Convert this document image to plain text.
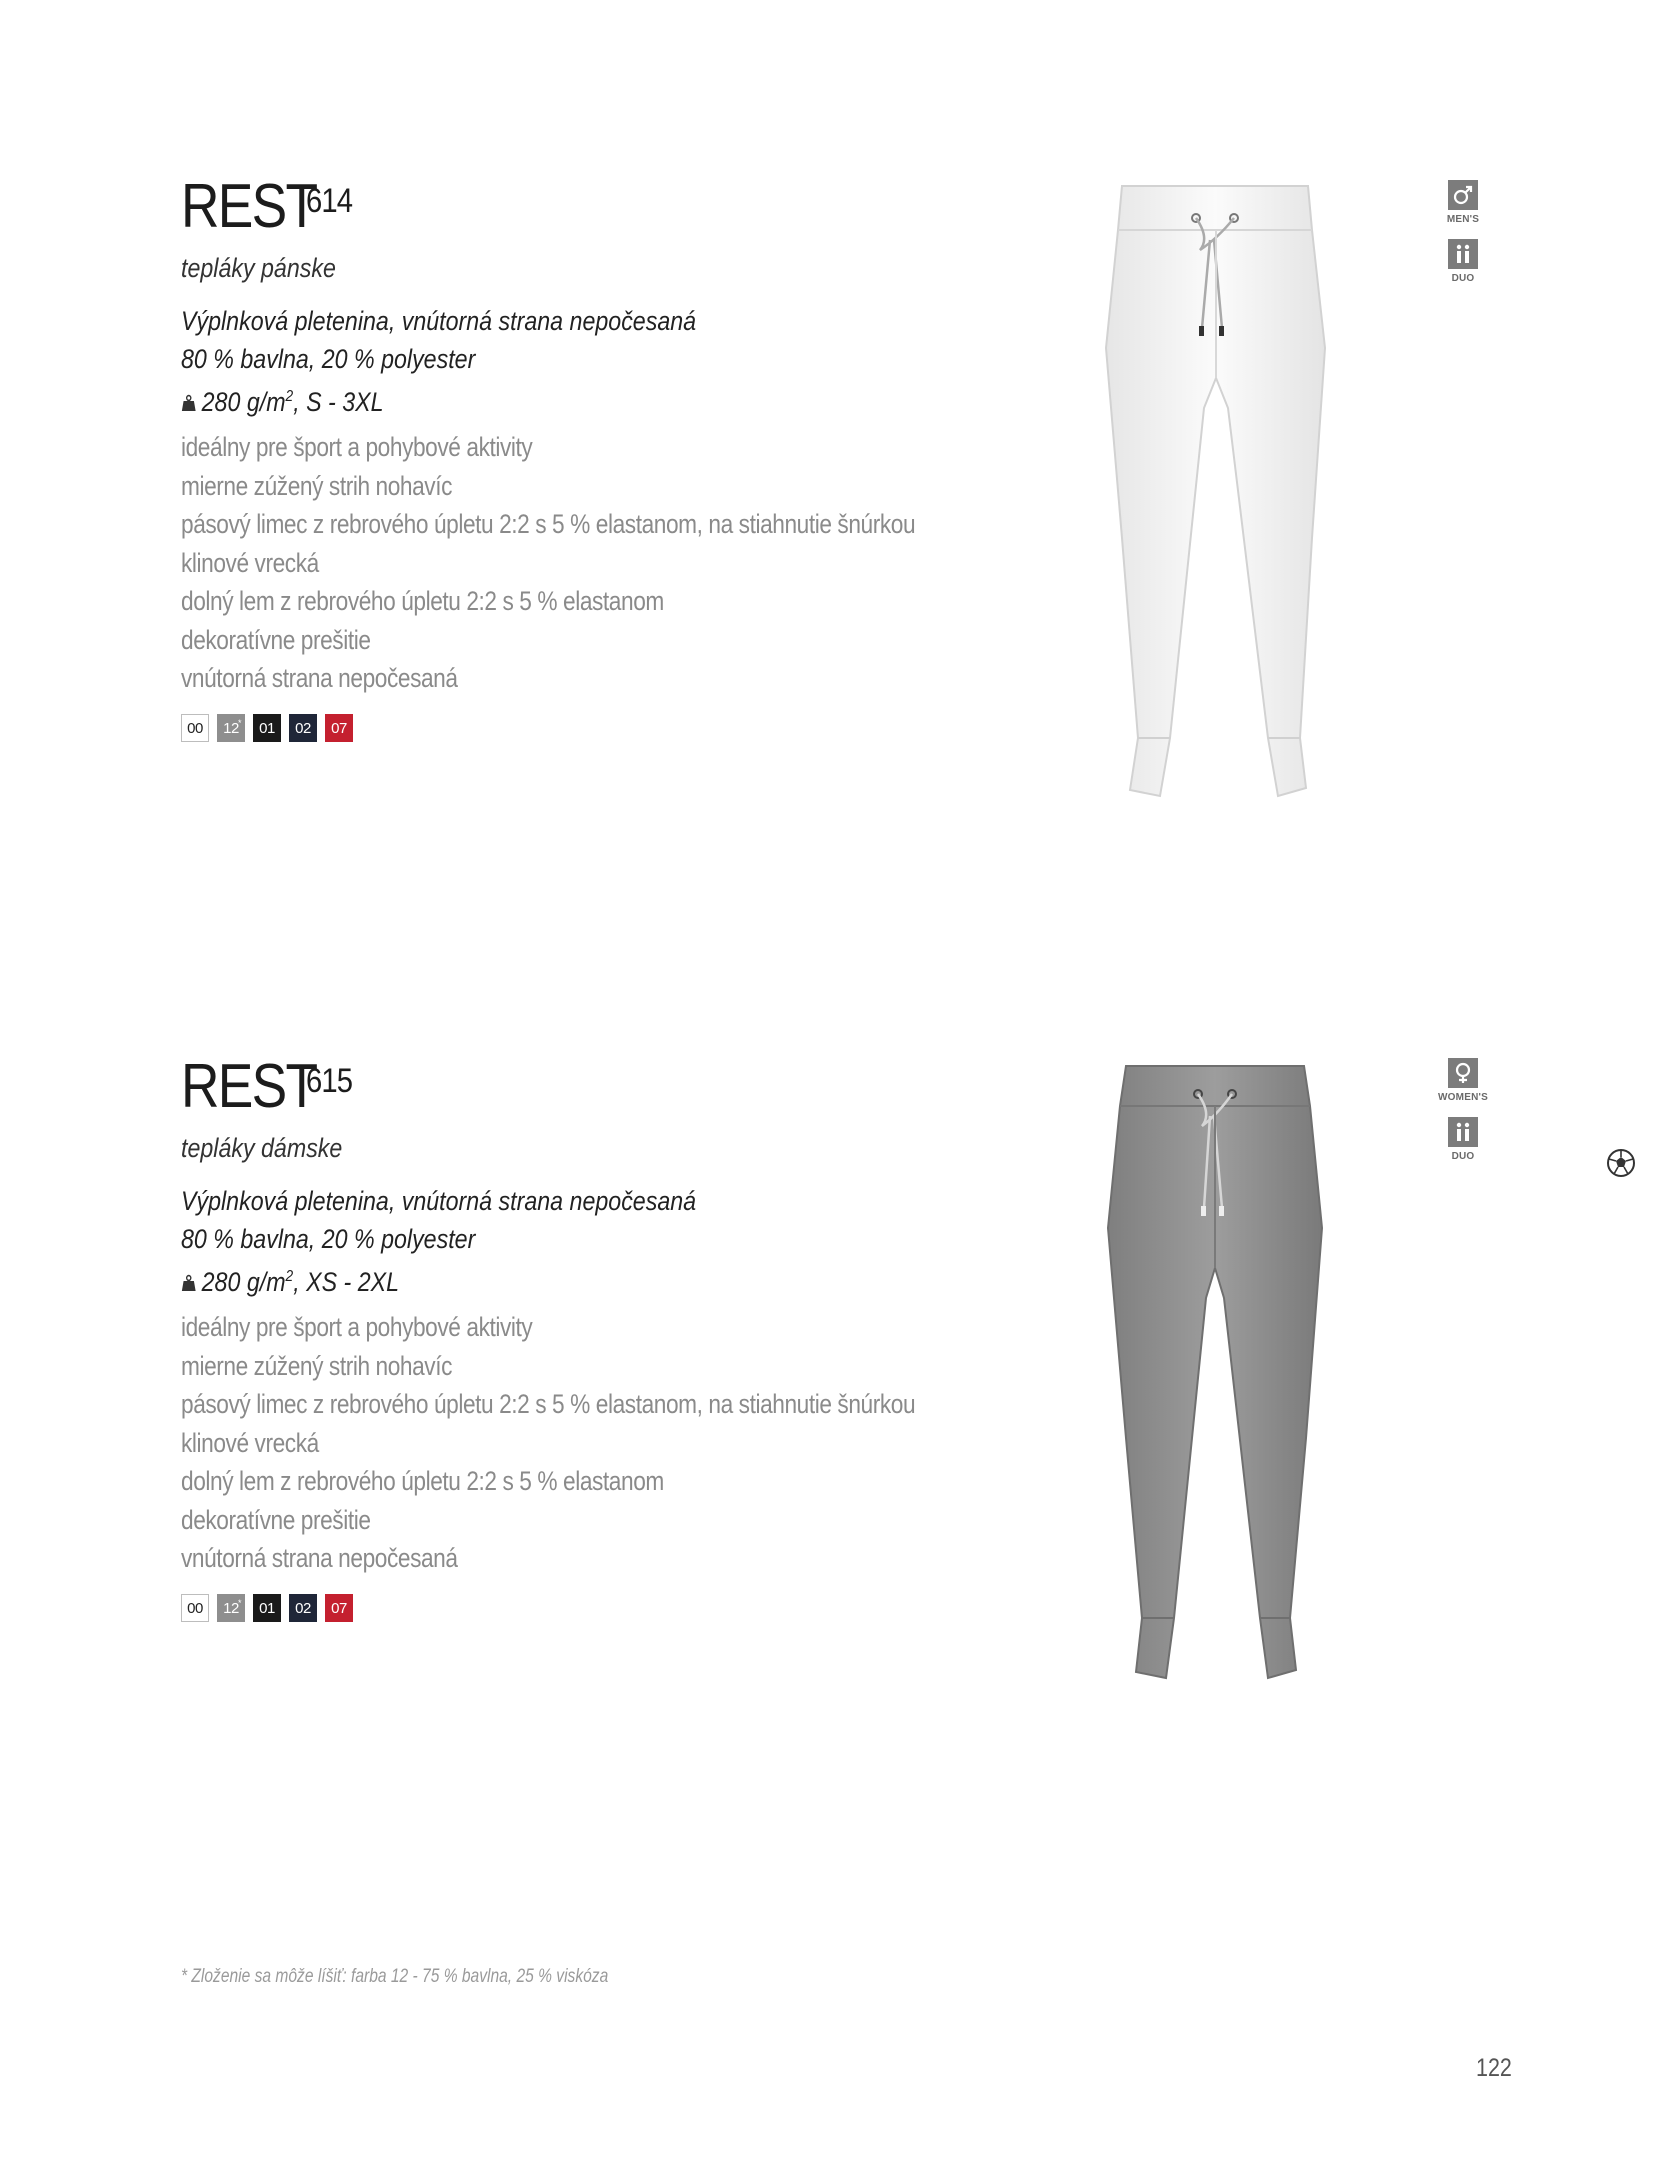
REST
614
tepláky pánske
Výplnková pletenina, vnútorná strana nepočesaná
80 % bavlna, 20 % polyester
280 $g/m^2$, S - 3XL
ideálny pre šport a pohybové aktivity
mierne zúžený strih nohavíc
pásový limec z rebrového úpletu 2:2 s 5 % elastanom, na stiahnutie šnúrkou
klinové vrecká
dolný lem z rebrového úpletu 2:2 s 5 % elastanom
dekoratívne prešitie
vnútorná strana nepočesaná
00 12 * 01 02 07
MEN'S
DUO
REST
615
tepláky dámske
Výplnková pletenina, vnútorná strana nepočesaná
80 % bavlna, 20 % polyester
280 $g/m^2$, XS - 2XL
ideálny pre šport a pohybové aktivity
mierne zúžený strih nohavíc
pásový limec z rebrového úpletu 2:2 s 5 % elastanom, na stiahnutie šnúrkou
klinové vrecká
dolný lem z rebrového úpletu 2:2 s 5 % elastanom
dekoratívne prešitie
vnútorná strana nepočesaná
00 12 * 01 02 07
WOMEN'S
DUO
* Zloženie sa môže líšiť: farba 12 - 75 % bavlna, 25 % viskóza
122
